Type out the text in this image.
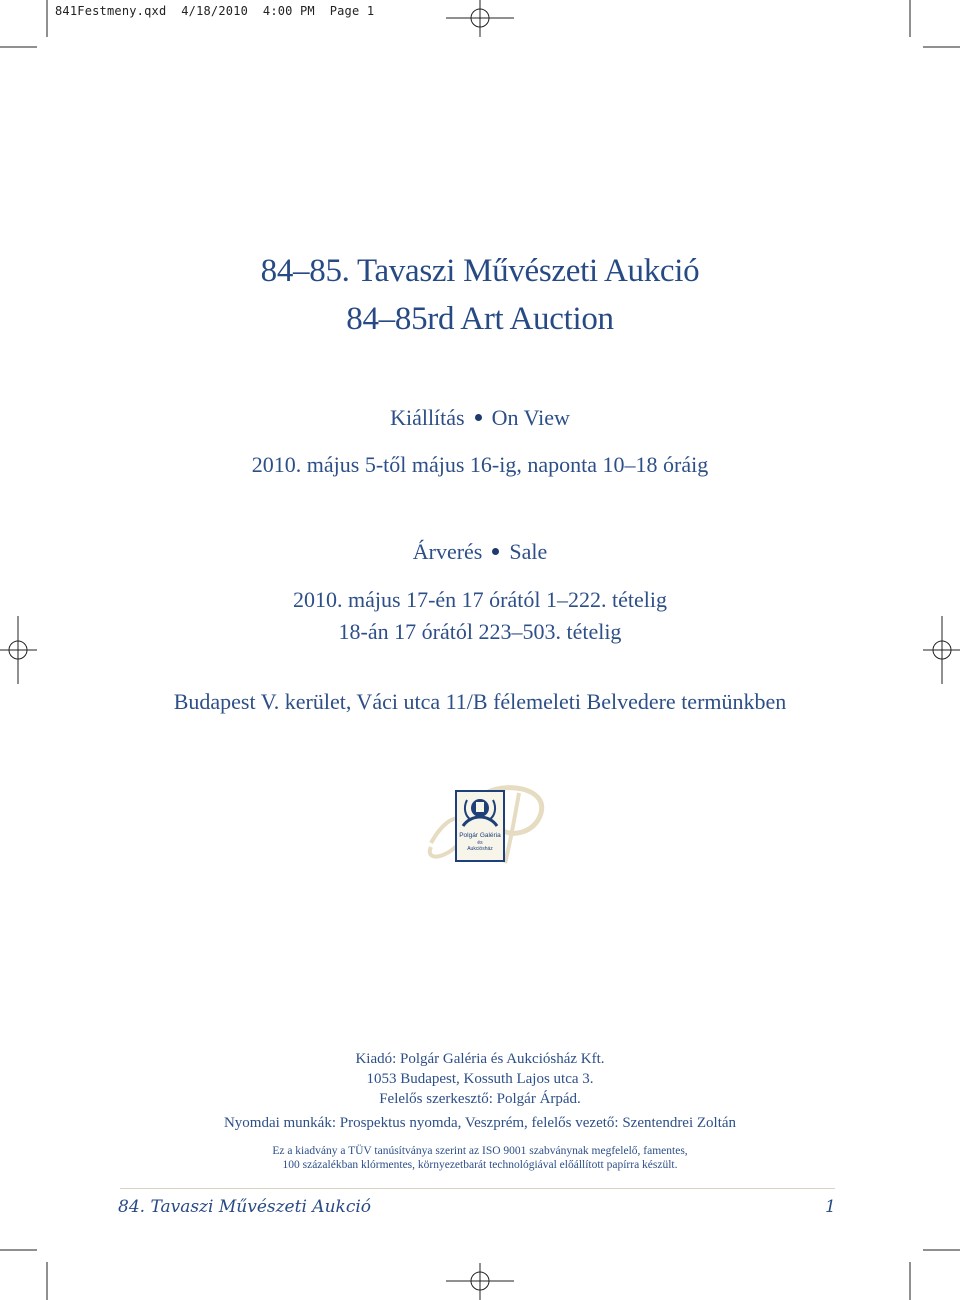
841Festmeny.qxd  4/18/2010  4:00 PM  Page 1
84–85. Tavaszi Művészeti Aukció
84–85rd Art Auction
Kiállítás On View
2010. május 5-től május 16-ig, naponta 10–18 óráig
Árverés Sale
2010. május 17-én 17 órától 1–222. tételig
18-án 17 órától 223–503. tételig
Budapest V. kerület, Váci utca 11/B félemeleti Belvedere termünkben
Polgár Galéria
és
Aukciósház
Kiadó: Polgár Galéria és Aukciósház Kft.
1053 Budapest, Kossuth Lajos utca 3.
Felelős szerkesztő: Polgár Árpád.
Nyomdai munkák: Prospektus nyomda, Veszprém, felelős vezető: Szentendrei Zoltán
Ez a kiadvány a TÜV tanúsítványa szerint az ISO 9001 szabványnak megfelelő, famentes,
100 százalékban klórmentes, környezetbarát technológiával előállított papírra készült.
84. Tavaszi Művészeti Aukció	1
